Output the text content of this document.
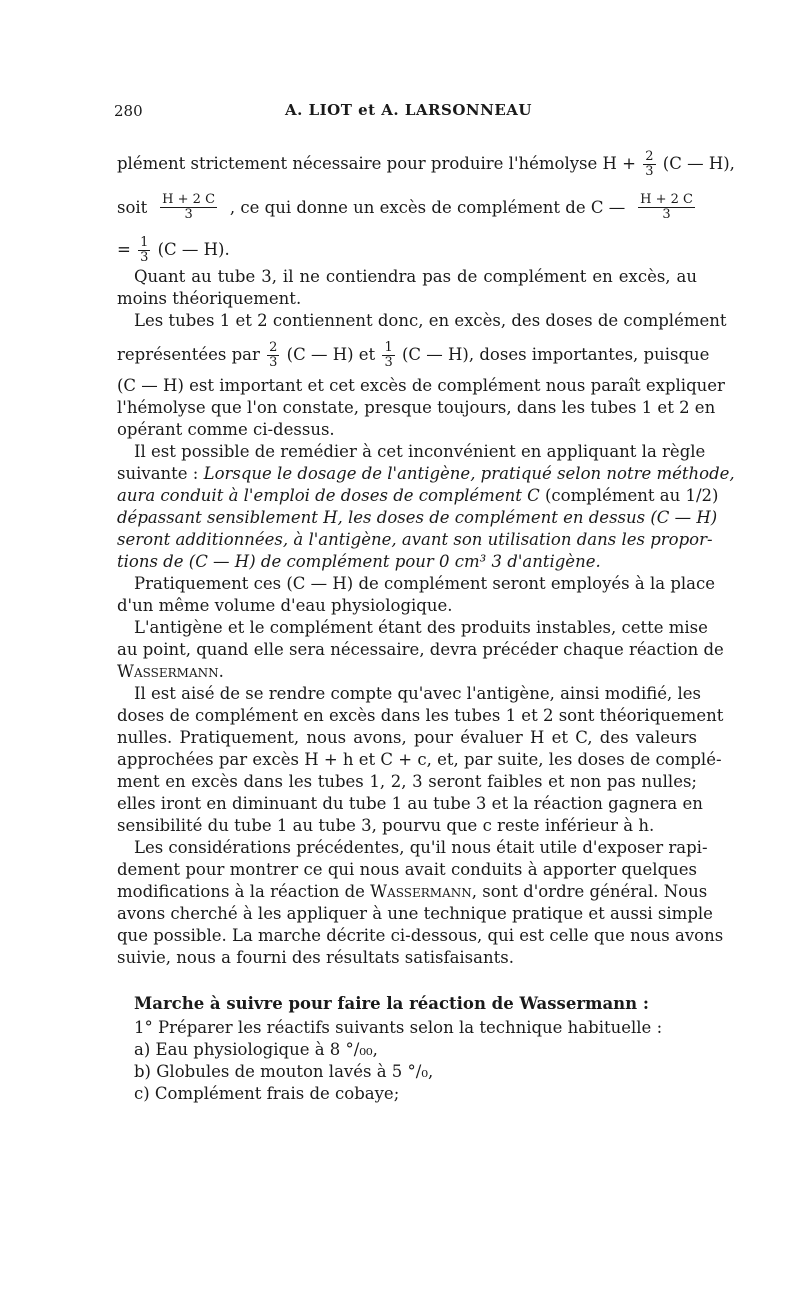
280	A. LIOT et A. LARSONNEAU
plément strictement nécessaire pour produire l'hémolyse $H + \frac{2}{3} (C$ — H),
soit $\frac{H + 2 C}{3}$ , ce qui donne un excès de complément de C — $\frac{H + 2 C}{3}$
= $\frac{1}{3} (C$ — H).
Quant au tube 3, il ne contiendra pas de complément en excès, au
moins théoriquement.
Les tubes 1 et 2 contiennent donc, en excès, des doses de complément
représentées par $\frac{2}{3} (C$ — H) et $\frac{1}{3} (C$ — H), doses importantes, puisque
(C — H) est important et cet excès de complément nous paraît expliquer
l'hémolyse que l'on constate, presque toujours, dans les tubes 1 et 2 en
opérant comme ci-dessus.
Il est possible de remédier à cet inconvénient en appliquant la règle
suivante : Lorsque le dosage de l'antigène, pratiqué selon notre méthode,
aura conduit à l'emploi de doses de complément C (complément au 1/2)
dépassant sensiblement H, les doses de complément en dessus (C — H)
seront additionnées, à l'antigène, avant son utilisation dans les propor-
tions de (C — H) de complément pour 0 cm³ 3 d'antigène.
Pratiquement ces (C — H) de complément seront employés à la place
d'un même volume d'eau physiologique.
L'antigène et le complément étant des produits instables, cette mise
au point, quand elle sera nécessaire, devra précéder chaque réaction de
Wassermann.
Il est aisé de se rendre compte qu'avec l'antigène, ainsi modifié, les
doses de complément en excès dans les tubes 1 et 2 sont théoriquement
nulles. Pratiquement, nous avons, pour évaluer H et C, des valeurs
approchées par excès H + h et C + c, et, par suite, les doses de complé-
ment en excès dans les tubes 1, 2, 3 seront faibles et non pas nulles;
elles iront en diminuant du tube 1 au tube 3 et la réaction gagnera en
sensibilité du tube 1 au tube 3, pourvu que c reste inférieur à h.
Les considérations précédentes, qu'il nous était utile d'exposer rapi-
dement pour montrer ce qui nous avait conduits à apporter quelques
modifications à la réaction de Wassermann, sont d'ordre général. Nous
avons cherché à les appliquer à une technique pratique et aussi simple
que possible. La marche décrite ci-dessous, qui est celle que nous avons
suivie, nous a fourni des résultats satisfaisants.
Marche à suivre pour faire la réaction de Wassermann :
1° Préparer les réactifs suivants selon la technique habituelle :
a) Eau physiologique à 8 °/₀₀,
b) Globules de mouton lavés à 5 °/₀,
c) Complément frais de cobaye;
